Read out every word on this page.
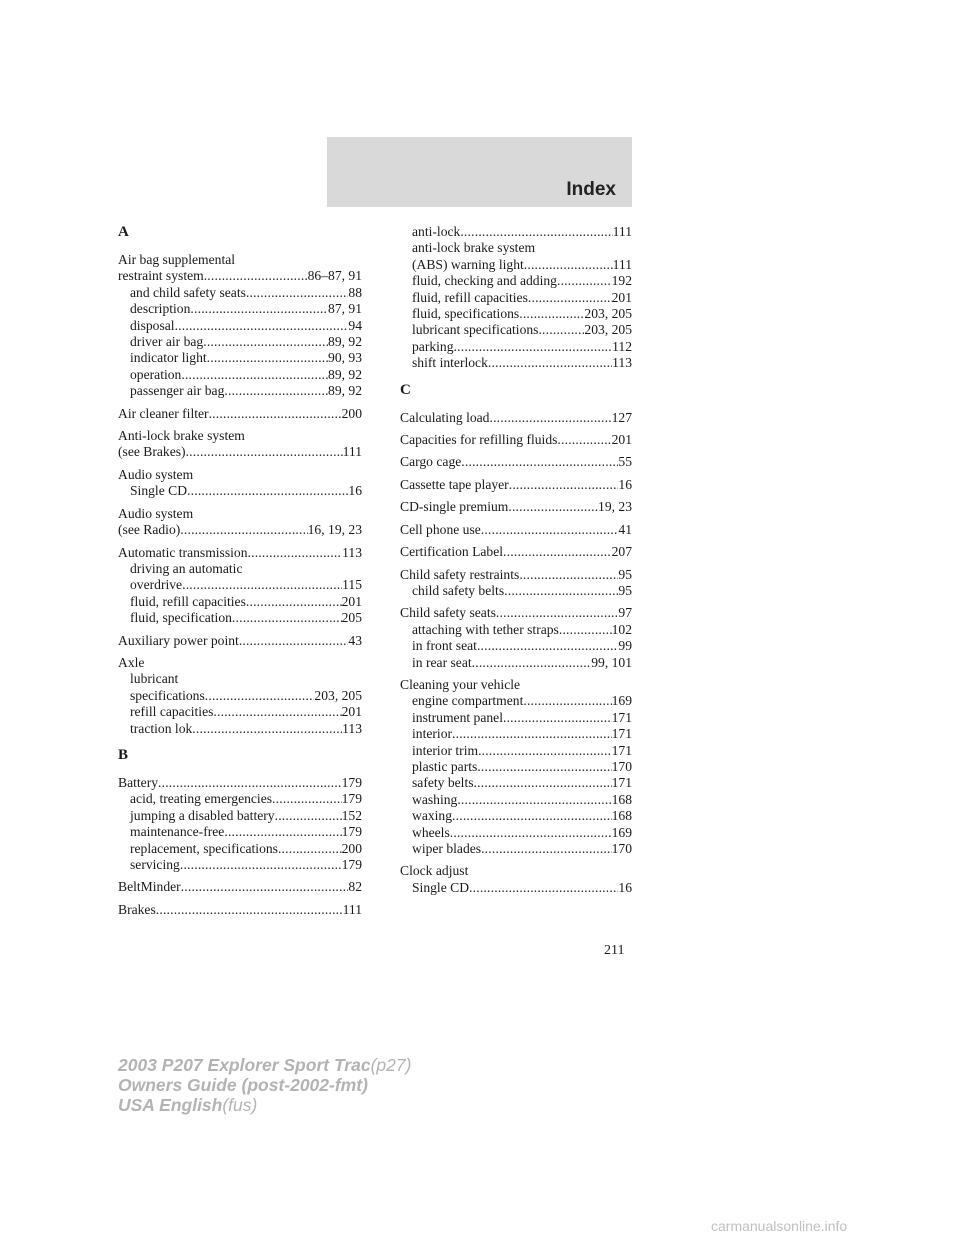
Index
A
Air bag supplemental
restraint system .....	86–87, 91
and child safety seats .....	88
description .....	87, 91
disposal .....	94
driver air bag .....	89, 92
indicator light .....	90, 93
operation .....	89, 92
passenger air bag .....	89, 92
Air cleaner filter .....	200
Anti-lock brake system
(see Brakes) .....	111
Audio system
Single CD .....	16
Audio system
(see Radio) .....	16, 19, 23
Automatic transmission .....	113
driving an automatic
overdrive .....	115
fluid, refill capacities .....	201
fluid, specification .....	205
Auxiliary power point .....	43
Axle
lubricant
specifications .....	203, 205
refill capacities .....	201
traction lok .....	113
B
Battery .....	179
acid, treating emergencies .....	179
jumping a disabled battery .....	152
maintenance-free .....	179
replacement, specifications .....	200
servicing .....	179
BeltMinder .....	82
Brakes .....	111
anti-lock .....	111
anti-lock brake system
(ABS) warning light .....	111
fluid, checking and adding .....	192
fluid, refill capacities .....	201
fluid, specifications .....	203, 205
lubricant specifications .....	203, 205
parking .....	112
shift interlock .....	113
C
Calculating load .....	127
Capacities for refilling fluids .....	201
Cargo cage .....	55
Cassette tape player .....	16
CD-single premium .....	19, 23
Cell phone use .....	41
Certification Label .....	207
Child safety restraints .....	95
child safety belts .....	95
Child safety seats .....	97
attaching with tether straps .....	102
in front seat .....	99
in rear seat .....	99, 101
Cleaning your vehicle
engine compartment .....	169
instrument panel .....	171
interior .....	171
interior trim .....	171
plastic parts .....	170
safety belts .....	171
washing .....	168
waxing .....	168
wheels .....	169
wiper blades .....	170
Clock adjust
Single CD .....	16
211
2003 P207 Explorer Sport Trac(p27)
Owners Guide (post-2002-fmt)
USA English(fus)
carmanualsonline.info
